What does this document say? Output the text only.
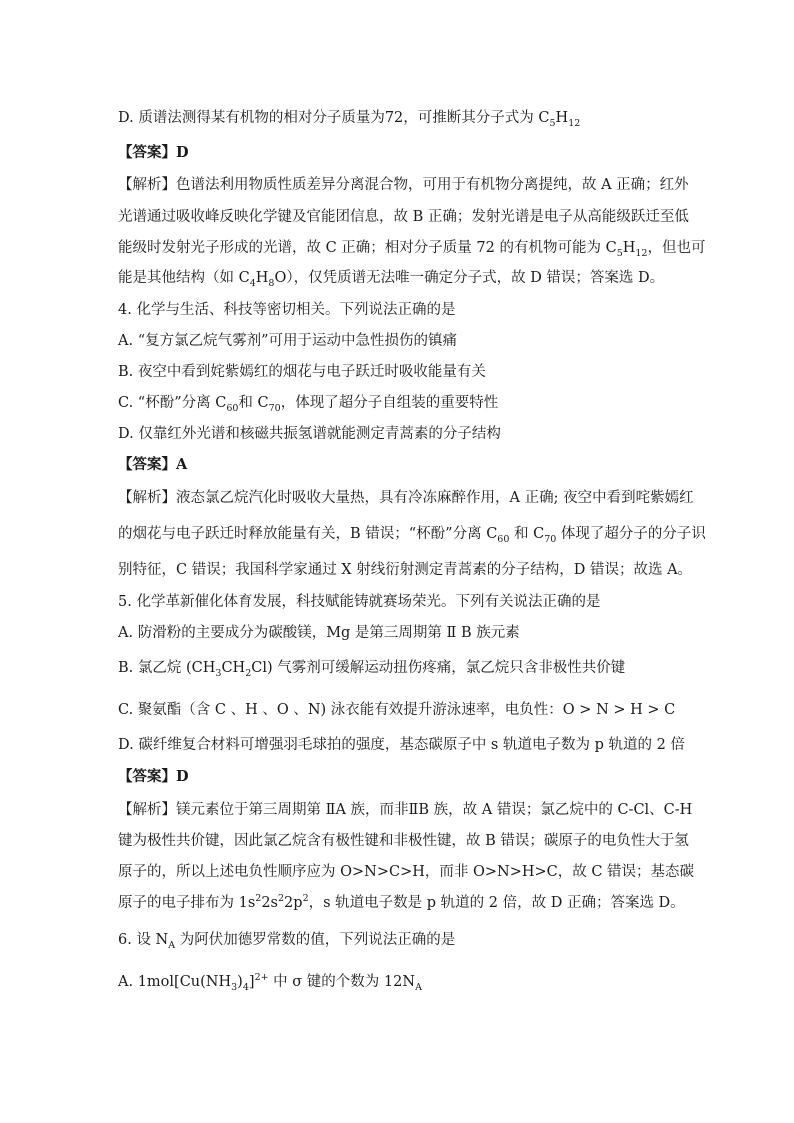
D. 质谱法测得某有机物的相对分子质量为72，可推断其分子式为 $C_5H_{12}$
【答案】D
【解析】色谱法利用物质性质差异分离混合物，可用于有机物分离提纯，故 A 正确；红外
光谱通过吸收峰反映化学键及官能团信息，故 B 正确；发射光谱是电子从高能级跃迁至低
能级时发射光子形成的光谱，故 C 正确；相对分子质量 72 的有机物可能为 $C_5H_{12}$，但也可
能是其他结构（如 $C_4H_8O$），仅凭质谱无法唯一确定分子式，故 D 错误；答案选 D。
4. 化学与生活、科技等密切相关。下列说法正确的是
A. “复方氯乙烷气雾剂”可用于运动中急性损伤的镇痛
B. 夜空中看到姹紫嫣红的烟花与电子跃迁时吸收能量有关
C. “杯酚”分离 $C_{60}$和 $C_{70}$，体现了超分子自组装的重要特性
D. 仅靠红外光谱和核磁共振氢谱就能测定青蒿素的分子结构
【答案】A
【解析】液态氯乙烷汽化时吸收大量热，具有冷冻麻醉作用，A 正确; 夜空中看到咤紫嫣红
的烟花与电子跃迁时释放能量有关，B 错误；“杯酚”分离 $C_{60}$ 和 $C_{70}$ 体现了超分子的分子识
别特征，C 错误；我国科学家通过 X 射线衍射测定青蒿素的分子结构，D 错误；故选 A。
5. 化学革新催化体育发展，科技赋能铸就赛场荣光。下列有关说法正确的是
A. 防滑粉的主要成分为碳酸镁，Mg 是第三周期第 Ⅱ B 族元素
B. 氯乙烷 $(CH_3CH_2Cl)$ 气雾剂可缓解运动扭伤疼痛，氯乙烷只含非极性共价键
C. 聚氨酯（含 C 、H 、O 、N) 泳衣能有效提升游泳速率，电负性：O > N > H > C
D. 碳纤维复合材料可增强羽毛球拍的强度，基态碳原子中 s 轨道电子数为 p 轨道的 2 倍
【答案】D
【解析】镁元素位于第三周期第 ⅡA 族，而非ⅡB 族，故 A 错误；氯乙烷中的 C-Cl、C-H
键为极性共价键，因此氯乙烷含有极性键和非极性键，故 B 错误；碳原子的电负性大于氢
原子的，所以上述电负性顺序应为 O>N>C>H，而非 O>N>H>C，故 C 错误；基态碳
原子的电子排布为 $1s^22s^22p^2$，s 轨道电子数是 p 轨道的 2 倍，故 D 正确；答案选 D。
6. 设 $N_A$ 为阿伏加德罗常数的值，下列说法正确的是
A. $1mol[Cu(NH_3)_4]^{2+}$ 中 σ 键的个数为 $12N_A$
